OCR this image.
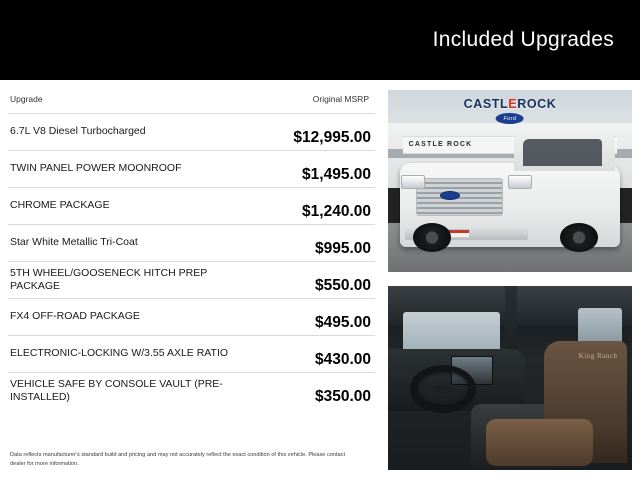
Included Upgrades
Upgrade	Original MSRP
6.7L V8 Diesel Turbocharged	$12,995.00
TWIN PANEL POWER MOONROOF	$1,495.00
CHROME PACKAGE	$1,240.00
Star White Metallic Tri-Coat	$995.00
5TH WHEEL/GOOSENECK HITCH PREP PACKAGE	$550.00
FX4 OFF-ROAD PACKAGE	$495.00
ELECTRONIC-LOCKING W/3.55 AXLE RATIO	$430.00
VEHICLE SAFE BY CONSOLE VAULT (PRE-INSTALLED)	$350.00
Data reflects manufacturer's standard build and pricing and may not accurately reflect the exact condition of this vehicle. Please contact dealer for more information.
CASTLEROCK
Ford
CASTLE ROCK
King Ranch
